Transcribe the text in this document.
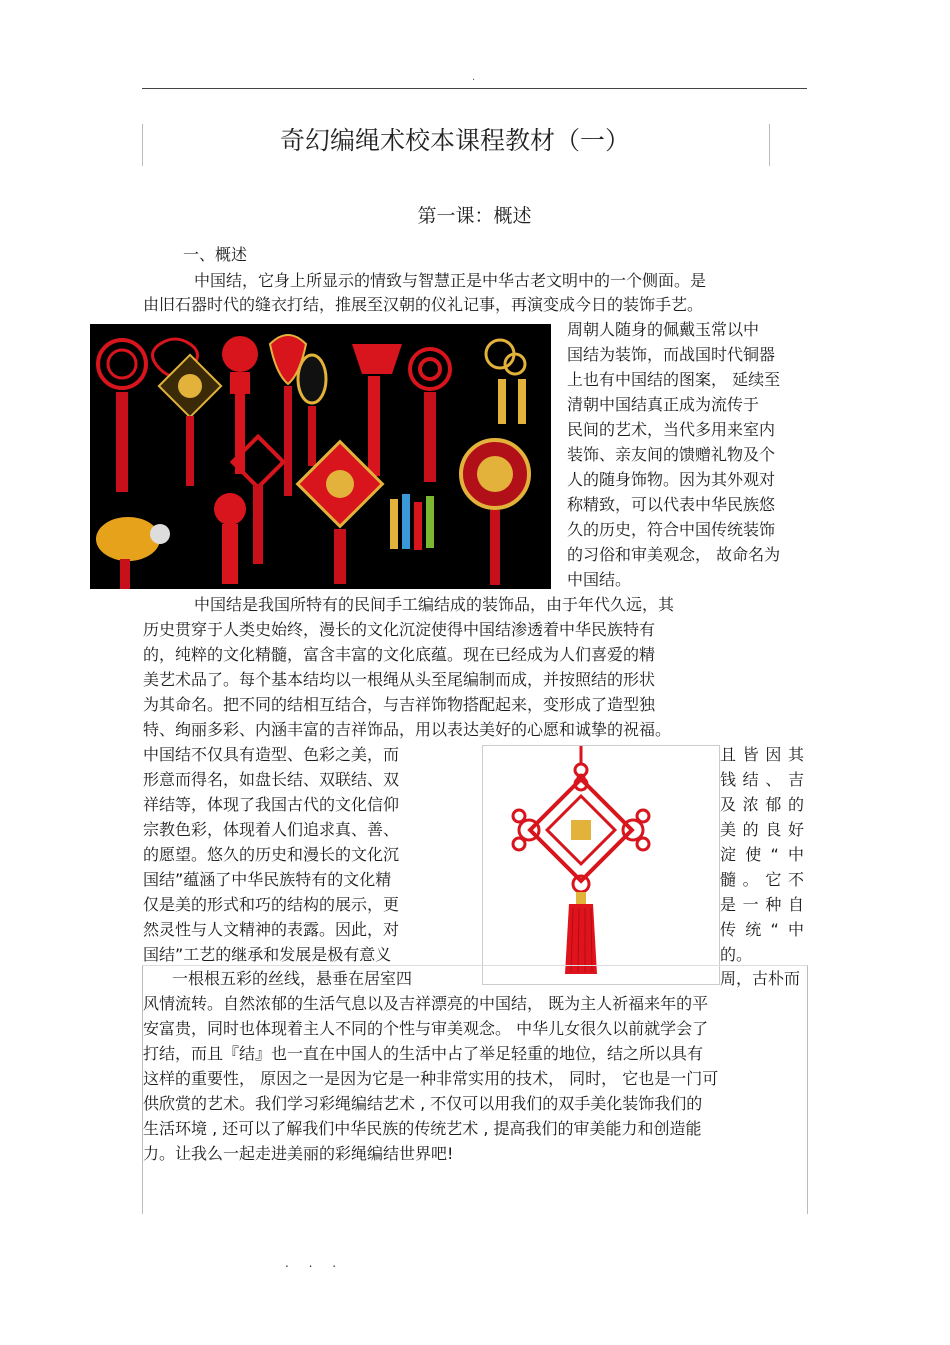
.
奇幻编绳术校本课程教材（一）
第一课：概述
一、概述
中国结，它身上所显示的情致与智慧正是中华古老文明中的一个侧面。是
由旧石器时代的缝衣打结，推展至汉朝的仪礼记事，再演变成今日的装饰手艺。
周朝人随身的佩戴玉常以中
国结为装饰，而战国时代铜器
上也有中国结的图案， 延续至
清朝中国结真正成为流传于
民间的艺术，当代多用来室内
装饰、亲友间的馈赠礼物及个
人的随身饰物。因为其外观对
称精致，可以代表中华民族悠
久的历史，符合中国传统装饰
的习俗和审美观念， 故命名为
中国结。
中国结是我国所特有的民间手工编结成的装饰品，由于年代久远，其
历史贯穿于人类史始终，漫长的文化沉淀使得中国结渗透着中华民族特有
的，纯粹的文化精髓，富含丰富的文化底蕴。现在已经成为人们喜爱的精
美艺术品了。每个基本结均以一根绳从头至尾编制而成，并按照结的形状
为其命名。把不同的结相互结合，与吉祥饰物搭配起来，变形成了造型独
特、绚丽多彩、内涵丰富的吉祥饰品，用以表达美好的心愿和诚挚的祝福。
中国结不仅具有造型、色彩之美，而
形意而得名，如盘长结、双联结、双
祥结等，体现了我国古代的文化信仰
宗教色彩，体现着人们追求真、善、
的愿望。悠久的历史和漫长的文化沉
国结”蕴涵了中华民族特有的文化精
仅是美的形式和巧的结构的展示，更
然灵性与人文精神的表露。因此，对
国结”工艺的继承和发展是极有意义
且皆因其
钱结、吉
及浓郁的
美的良好
淀使“中
髓。它不
是一种自
传统“中
的。
一根根五彩的丝线，悬垂在居室四	周，古朴而
风情流转。自然浓郁的生活气息以及吉祥漂亮的中国结， 既为主人祈福来年的平
安富贵，同时也体现着主人不同的个性与审美观念。 中华儿女很久以前就学会了
打结，而且『结』也一直在中国人的生活中占了举足轻重的地位，结之所以具有
这样的重要性， 原因之一是因为它是一种非常实用的技术， 同时， 它也是一门可
供欣赏的艺术。我们学习彩绳编结艺术 , 不仅可以用我们的双手美化装饰我们的
生活环境 , 还可以了解我们中华民族的传统艺术 , 提高我们的审美能力和创造能
力。让我么一起走进美丽的彩绳编结世界吧!
. . .
